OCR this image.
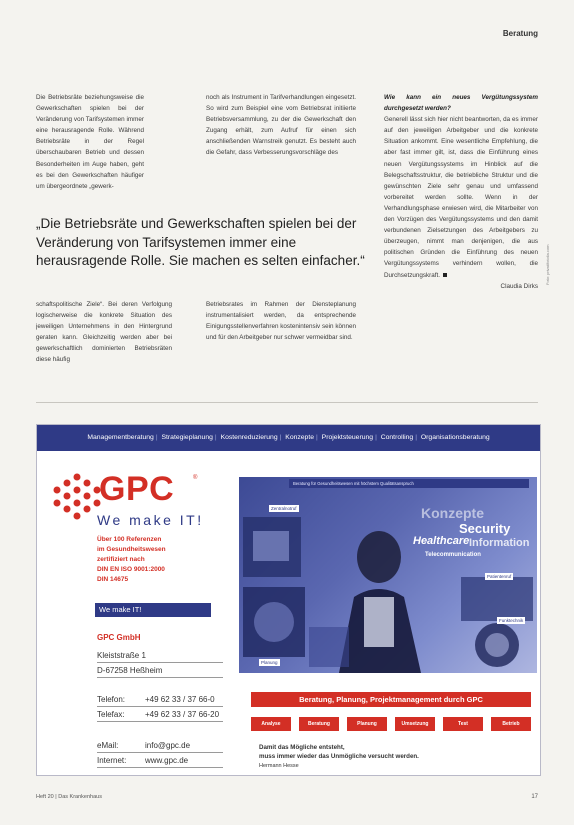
Beratung

Die Betriebsräte beziehungsweise die Gewerkschaften spielen bei der Veränderung von Tarifsystemen immer eine herausragende Rolle. Während Betriebsräte in der Regel überschaubaren Betrieb und dessen Besonderheiten im Auge haben, geht es bei den Gewerkschaften häufiger um übergeordnete „gewerk-

noch als Instrument in Tarifverhandlungen eingesetzt. So wird zum Beispiel eine vom Betriebsrat initiierte Betriebsversammlung, zu der die Gewerkschaft den Zugang erhält, zum Aufruf für einen sich anschließenden Warnstreik genutzt. Es besteht auch die Gefahr, dass Verbesserungsvorschläge des

„Die Betriebsräte und Gewerkschaften spielen bei der Veränderung von Tarifsystemen immer eine herausragende Rolle. Sie machen es selten einfacher.“

schaftspolitische Ziele“. Bei deren Verfolgung logischerweise die konkrete Situation des jeweiligen Unternehmens in den Hintergrund geraten kann. Gleichzeitig werden aber bei gewerkschaftlich dominierten Betriebsräten diese häufig

Betriebsrates im Rahmen der Diensteplanung instrumentalisiert werden, da entsprechende Einigungsstellenverfahren kostenintensiv sein können und für den Arbeitgeber nur schwer vermeidbar sind.

Wie kann ein neues Vergütungssystem durchgesetzt werden?

Generell lässt sich hier nicht beantworten, da es immer auf den jeweiligen Arbeitgeber und die konkrete Situation ankommt. Eine wesentliche Empfehlung, die aber fast immer gilt, ist, dass die Einführung eines neuen Vergütungssystems im Hinblick auf die Belegschaftsstruktur, die betriebliche Struktur und die gewünschten Ziele sehr genau und umfassend vorbereitet werden sollte. Wenn in der Verhandlungsphase erwiesen wird, die Mitarbeiter von den Vorzügen des Vergütungssystems und den damit verbundenen Zielsetzungen des Arbeitgebers zu überzeugen, nimmt man denjenigen, die aus politischen Gründen die Einführung des neuen Vergütungssystems verhindern wollen, die Durchsetzungskraft.

Claudia Dirks

Foto: privat/fotolia.com
Managementberatung | Strategieplanung | Kostenreduzierung | Konzepte | Projektsteuerung | Controlling | Organisationsberatung
GPC	®
We make IT!
Über 100 Referenzen
im Gesundheitswesen
zertifiziert nach
DIN EN ISO 9001:2000
DIN 14675
We make IT!
GPC GmbH
Kleiststraße 1
D-67258 Heßheim
Telefon: +49 62 33 / 37 66-0
Telefax:	+49 62 33 / 37 66-20
eMail:	info@gpc.de
Internet: www.gpc.de
Beratung für Gesundheitswesen mit höchstem Qualitätsanspruch
Konzepte
Security
Healthcare Information
Telecommunication
Zentralnotruf
Patientenruf
Funktechnik
Planung
Beratung, Planung, Projektmanagement durch GPC
Analyse	Beratung	Planung	Umsetzung	Test	Betrieb
Damit das Mögliche entsteht,
muss immer wieder das Unmögliche versucht werden.
Hermann Hesse
Heft 20 | Das Krankenhaus	17
